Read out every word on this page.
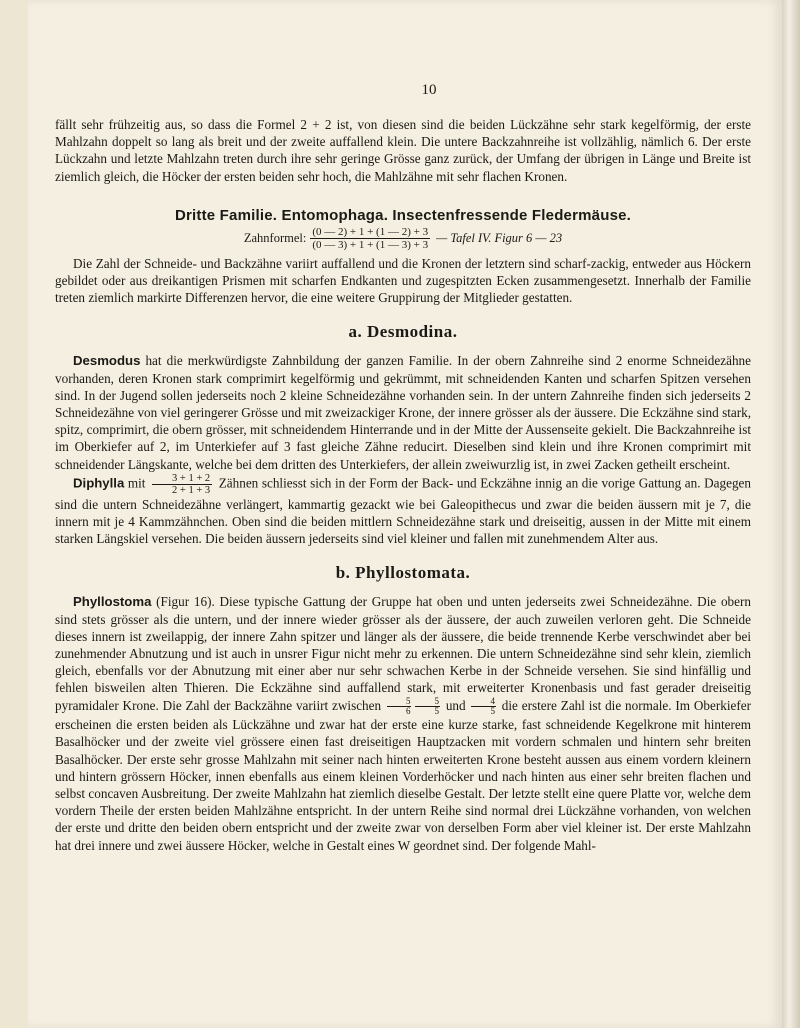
10

fällt sehr frühzeitig aus, so dass die Formel 2 + 2 ist, von diesen sind die beiden Lückzähne sehr stark kegelförmig, der erste Mahlzahn doppelt so lang als breit und der zweite auffallend klein. Die untere Backzahnreihe ist vollzählig, nämlich 6. Der erste Lückzahn und letzte Mahlzahn treten durch ihre sehr geringe Grösse ganz zurück, der Umfang der übrigen in Länge und Breite ist ziemlich gleich, die Höcker der ersten beiden sehr hoch, die Mahlzähne mit sehr flachen Kronen.

Dritte Familie. Entomophaga. Insectenfressende Fledermäuse.
Zahnformel: $\frac{(0 — 2) + 1 + (1 — 2) + 3}{(0 — 3) + 1 + (1 — 3) + 3}$ — Tafel IV. Figur 6 — 23

Die Zahl der Schneide- und Backzähne variirt auffallend und die Kronen der letztern sind scharf-zackig, entweder aus Höckern gebildet oder aus dreikantigen Prismen mit scharfen Endkanten und zugespitzten Ecken zusammengesetzt. Innerhalb der Familie treten ziemlich markirte Differenzen hervor, die eine weitere Gruppirung der Mitglieder gestatten.

a. Desmodina.

Desmodus hat die merkwürdigste Zahnbildung der ganzen Familie. In der obern Zahnreihe sind 2 enorme Schneidezähne vorhanden, deren Kronen stark comprimirt kegelförmig und gekrümmt, mit schneidenden Kanten und scharfen Spitzen versehen sind. In der Jugend sollen jederseits noch 2 kleine Schneidezähne vorhanden sein. In der untern Zahnreihe finden sich jederseits 2 Schneidezähne von viel geringerer Grösse und mit zweizackiger Krone, der innere grösser als der äussere. Die Eckzähne sind stark, spitz, comprimirt, die obern grösser, mit schneidendem Hinterrande und in der Mitte der Aussenseite gekielt. Die Backzahnreihe ist im Oberkiefer auf 2, im Unterkiefer auf 3 fast gleiche Zähne reducirt. Dieselben sind klein und ihre Kronen comprimirt mit schneidender Längskante, welche bei dem dritten des Unterkiefers, der allein zweiwurzlig ist, in zwei Zacken getheilt erscheint.

Diphylla mit $\frac{3 + 1 + 2}{2 + 1 + 3}$ Zähnen schliesst sich in der Form der Back- und Eckzähne innig an die vorige Gattung an. Dagegen sind die untern Schneidezähne verlängert, kammartig gezackt wie bei Galeopithecus und zwar die beiden äussern mit je 7, die innern mit je 4 Kammzähnchen. Oben sind die beiden mittlern Schneidezähne stark und dreiseitig, aussen in der Mitte mit einem starken Längskiel versehen. Die beiden äussern jederseits sind viel kleiner und fallen mit zunehmendem Alter aus.

b. Phyllostomata.

Phyllostoma (Figur 16). Diese typische Gattung der Gruppe hat oben und unten jederseits zwei Schneidezähne. Die obern sind stets grösser als die untern, und der innere wieder grösser als der äussere, der auch zuweilen verloren geht. Die Schneide dieses innern ist zweilappig, der innere Zahn spitzer und länger als der äussere, die beide trennende Kerbe verschwindet aber bei zunehmender Abnutzung und ist auch in unsrer Figur nicht mehr zu erkennen. Die untern Schneidezähne sind sehr klein, ziemlich gleich, ebenfalls vor der Abnutzung mit einer aber nur sehr schwachen Kerbe in der Schneide versehen. Sie sind hinfällig und fehlen bisweilen alten Thieren. Die Eckzähne sind auffallend stark, mit erweiterter Kronenbasis und fast gerader dreiseitig pyramidaler Krone. Die Zahl der Backzähne variirt zwischen $\frac{5}{6} \frac{5}{5}$ und $\frac{4}{5}$ die erstere Zahl ist die normale. Im Oberkiefer erscheinen die ersten beiden als Lückzähne und zwar hat der erste eine kurze starke, fast schneidende Kegelkrone mit hinterem Basalhöcker und der zweite viel grössere einen fast dreiseitigen Hauptzacken mit vordern schmalen und hintern sehr breiten Basalhöcker. Der erste sehr grosse Mahlzahn mit seiner nach hinten erweiterten Krone besteht aussen aus einem vordern kleinern und hintern grössern Höcker, innen ebenfalls aus einem kleinen Vorderhöcker und nach hinten aus einer sehr breiten flachen und selbst concaven Ausbreitung. Der zweite Mahlzahn hat ziemlich dieselbe Gestalt. Der letzte stellt eine quere Platte vor, welche dem vordern Theile der ersten beiden Mahlzähne entspricht. In der untern Reihe sind normal drei Lückzähne vorhanden, von welchen der erste und dritte den beiden obern entspricht und der zweite zwar von derselben Form aber viel kleiner ist. Der erste Mahlzahn hat drei innere und zwei äussere Höcker, welche in Gestalt eines W geordnet sind. Der folgende Mahl-
